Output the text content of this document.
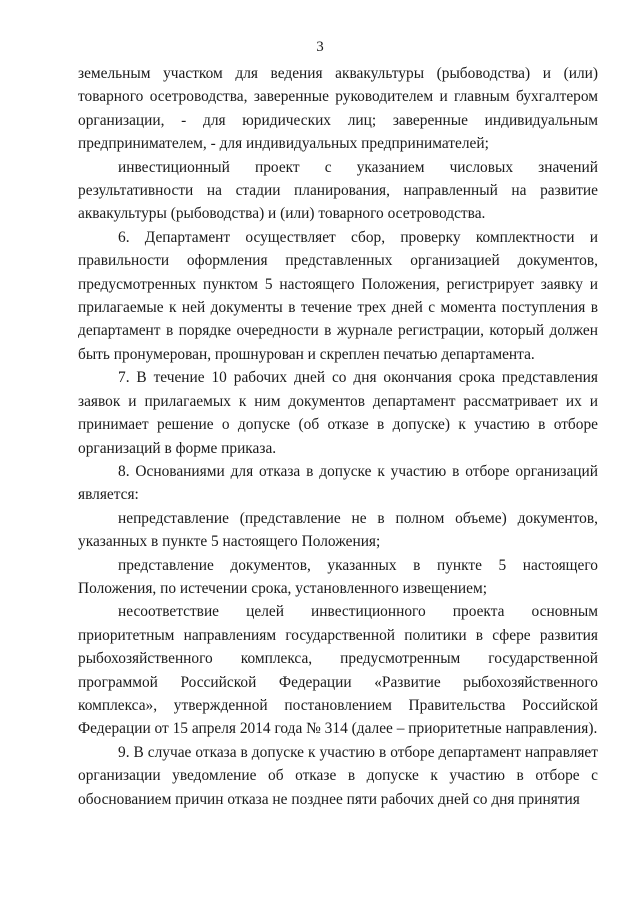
3

земельным участком для ведения аквакультуры (рыбоводства) и (или) товарного осетроводства, заверенные руководителем и главным бухгалтером организации, - для юридических лиц; заверенные индивидуальным предпринимателем, - для индивидуальных предпринимателей;

инвестиционный проект с указанием числовых значений результативности на стадии планирования, направленный на развитие аквакультуры (рыбоводства) и (или) товарного осетроводства.

6. Департамент осуществляет сбор, проверку комплектности и правильности оформления представленных организацией документов, предусмотренных пунктом 5 настоящего Положения, регистрирует заявку и прилагаемые к ней документы в течение трех дней с момента поступления в департамент в порядке очередности в журнале регистрации, который должен быть пронумерован, прошнурован и скреплен печатью департамента.

7. В течение 10 рабочих дней со дня окончания срока представления заявок и прилагаемых к ним документов департамент рассматривает их и принимает решение о допуске (об отказе в допуске) к участию в отборе организаций в форме приказа.

8. Основаниями для отказа в допуске к участию в отборе организаций является:

непредставление (представление не в полном объеме) документов, указанных в пункте 5 настоящего Положения;

представление документов, указанных в пункте 5 настоящего Положения, по истечении срока, установленного извещением;

несоответствие целей инвестиционного проекта основным приоритетным направлениям государственной политики в сфере развития рыбохозяйственного комплекса, предусмотренным государственной программой Российской Федерации «Развитие рыбохозяйственного комплекса», утвержденной постановлением Правительства Российской Федерации от 15 апреля 2014 года № 314 (далее – приоритетные направления).

9. В случае отказа в допуске к участию в отборе департамент направляет организации уведомление об отказе в допуске к участию в отборе с обоснованием причин отказа не позднее пяти рабочих дней со дня принятия
